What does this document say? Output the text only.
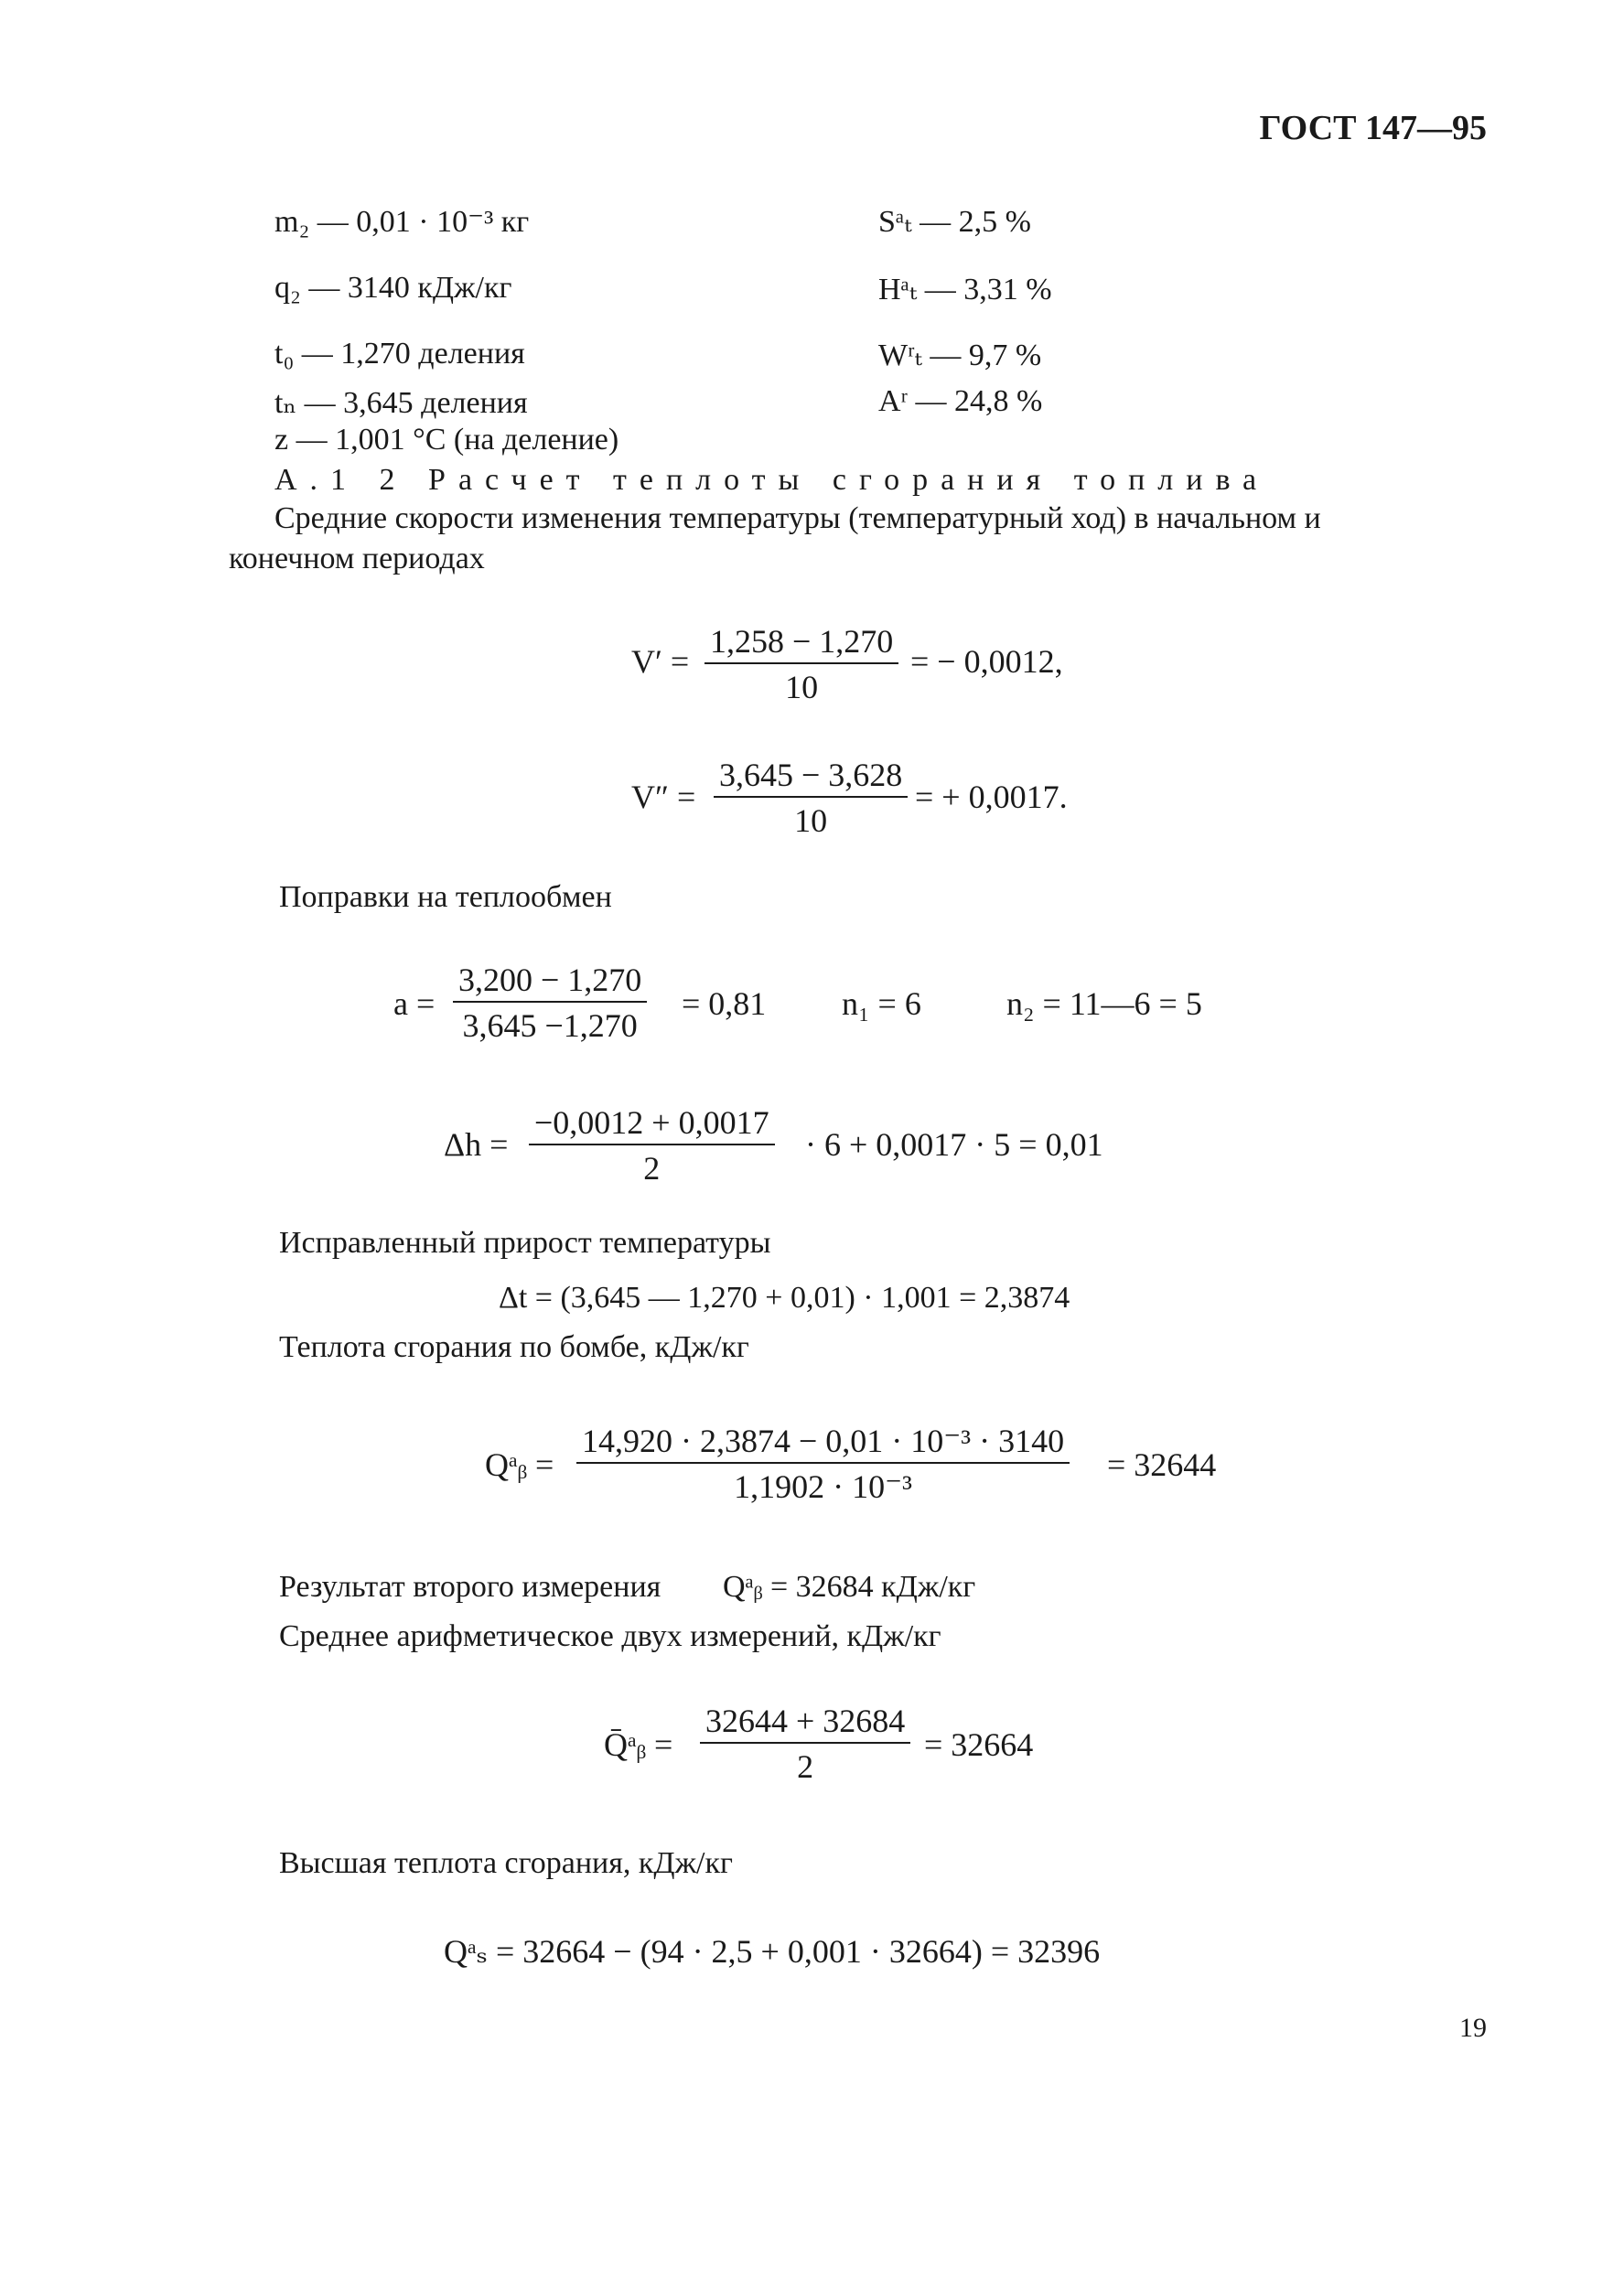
ГОСТ 147—95
m₂ — 0,01 · 10⁻³ кг
q₂ — 3140 кДж/кг
t₀ — 1,270 деления
tₙ — 3,645 деления
z — 1,001 °С (на деление)
Sᵃₜ — 2,5 %
Hᵃₜ — 3,31 %
Wʳₜ — 9,7 %
Aʳ — 24,8 %
А.1 2 Расчет теплоты сгорания топлива
Средние скорости изменения температуры (температурный ход) в начальном и
конечном периодах
$V' = \frac{1,258 - 1,270}{10}$ = − 0,0012,
$V'' = \frac{3,645 - 3,628}{10}$ = + 0,0017.
Поправки на теплообмен
$a = \frac{3,200 - 1,270}{3,645 -1,270} = 0,81$ n₁ = 6	n₂ = 11—6 = 5
$\Delta h = \frac{-0,0012 + 0,0017}{2} \cdot 6 + 0,0017 \cdot 5 = 0,01$
Исправленный прирост температуры
Δt = (3,645 — 1,270 + 0,01) · 1,001 = 2,3874
Теплота сгорания по бомбе, кДж/кг
Qᵃᵦ = $\frac{\text{14,920 · 2,3874 − 0,01 · 10⁻³ · 3140}}{\text{1,1902 · 10⁻³}} = 32644$
Результат второго измерения Qᵃᵦ = 32684 кДж/кг
Среднее арифметическое двух измерений, кДж/кг
Q̄ᵃᵦ = $\frac{32644 + 32684}{2} = 32664$
Высшая теплота сгорания, кДж/кг
Qᵃₛ = 32664 − (94 · 2,5 + 0,001 · 32664) = 32396
19
